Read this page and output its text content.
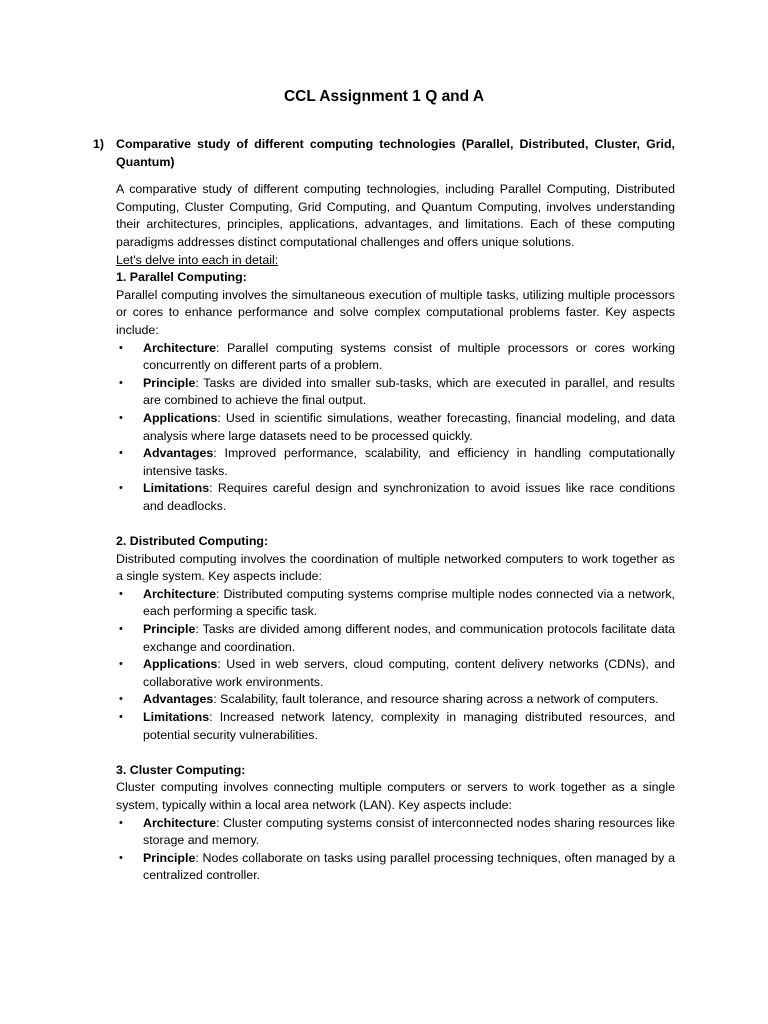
CCL Assignment 1 Q and A
1) Comparative study of different computing technologies (Parallel, Distributed, Cluster, Grid, Quantum)

A comparative study of different computing technologies, including Parallel Computing, Distributed Computing, Cluster Computing, Grid Computing, and Quantum Computing, involves understanding their architectures, principles, applications, advantages, and limitations. Each of these computing paradigms addresses distinct computational challenges and offers unique solutions.

Let's delve into each in detail:

1. Parallel Computing:

Parallel computing involves the simultaneous execution of multiple tasks, utilizing multiple processors or cores to enhance performance and solve complex computational problems faster. Key aspects include:

• Architecture: Parallel computing systems consist of multiple processors or cores working concurrently on different parts of a problem.
• Principle: Tasks are divided into smaller sub-tasks, which are executed in parallel, and results are combined to achieve the final output.
• Applications: Used in scientific simulations, weather forecasting, financial modeling, and data analysis where large datasets need to be processed quickly.
• Advantages: Improved performance, scalability, and efficiency in handling computationally intensive tasks.
• Limitations: Requires careful design and synchronization to avoid issues like race conditions and deadlocks.

2. Distributed Computing:

Distributed computing involves the coordination of multiple networked computers to work together as a single system. Key aspects include:

• Architecture: Distributed computing systems comprise multiple nodes connected via a network, each performing a specific task.
• Principle: Tasks are divided among different nodes, and communication protocols facilitate data exchange and coordination.
• Applications: Used in web servers, cloud computing, content delivery networks (CDNs), and collaborative work environments.
• Advantages: Scalability, fault tolerance, and resource sharing across a network of computers.
• Limitations: Increased network latency, complexity in managing distributed resources, and potential security vulnerabilities.

3. Cluster Computing:

Cluster computing involves connecting multiple computers or servers to work together as a single system, typically within a local area network (LAN). Key aspects include:

• Architecture: Cluster computing systems consist of interconnected nodes sharing resources like storage and memory.
• Principle: Nodes collaborate on tasks using parallel processing techniques, often managed by a centralized controller.
